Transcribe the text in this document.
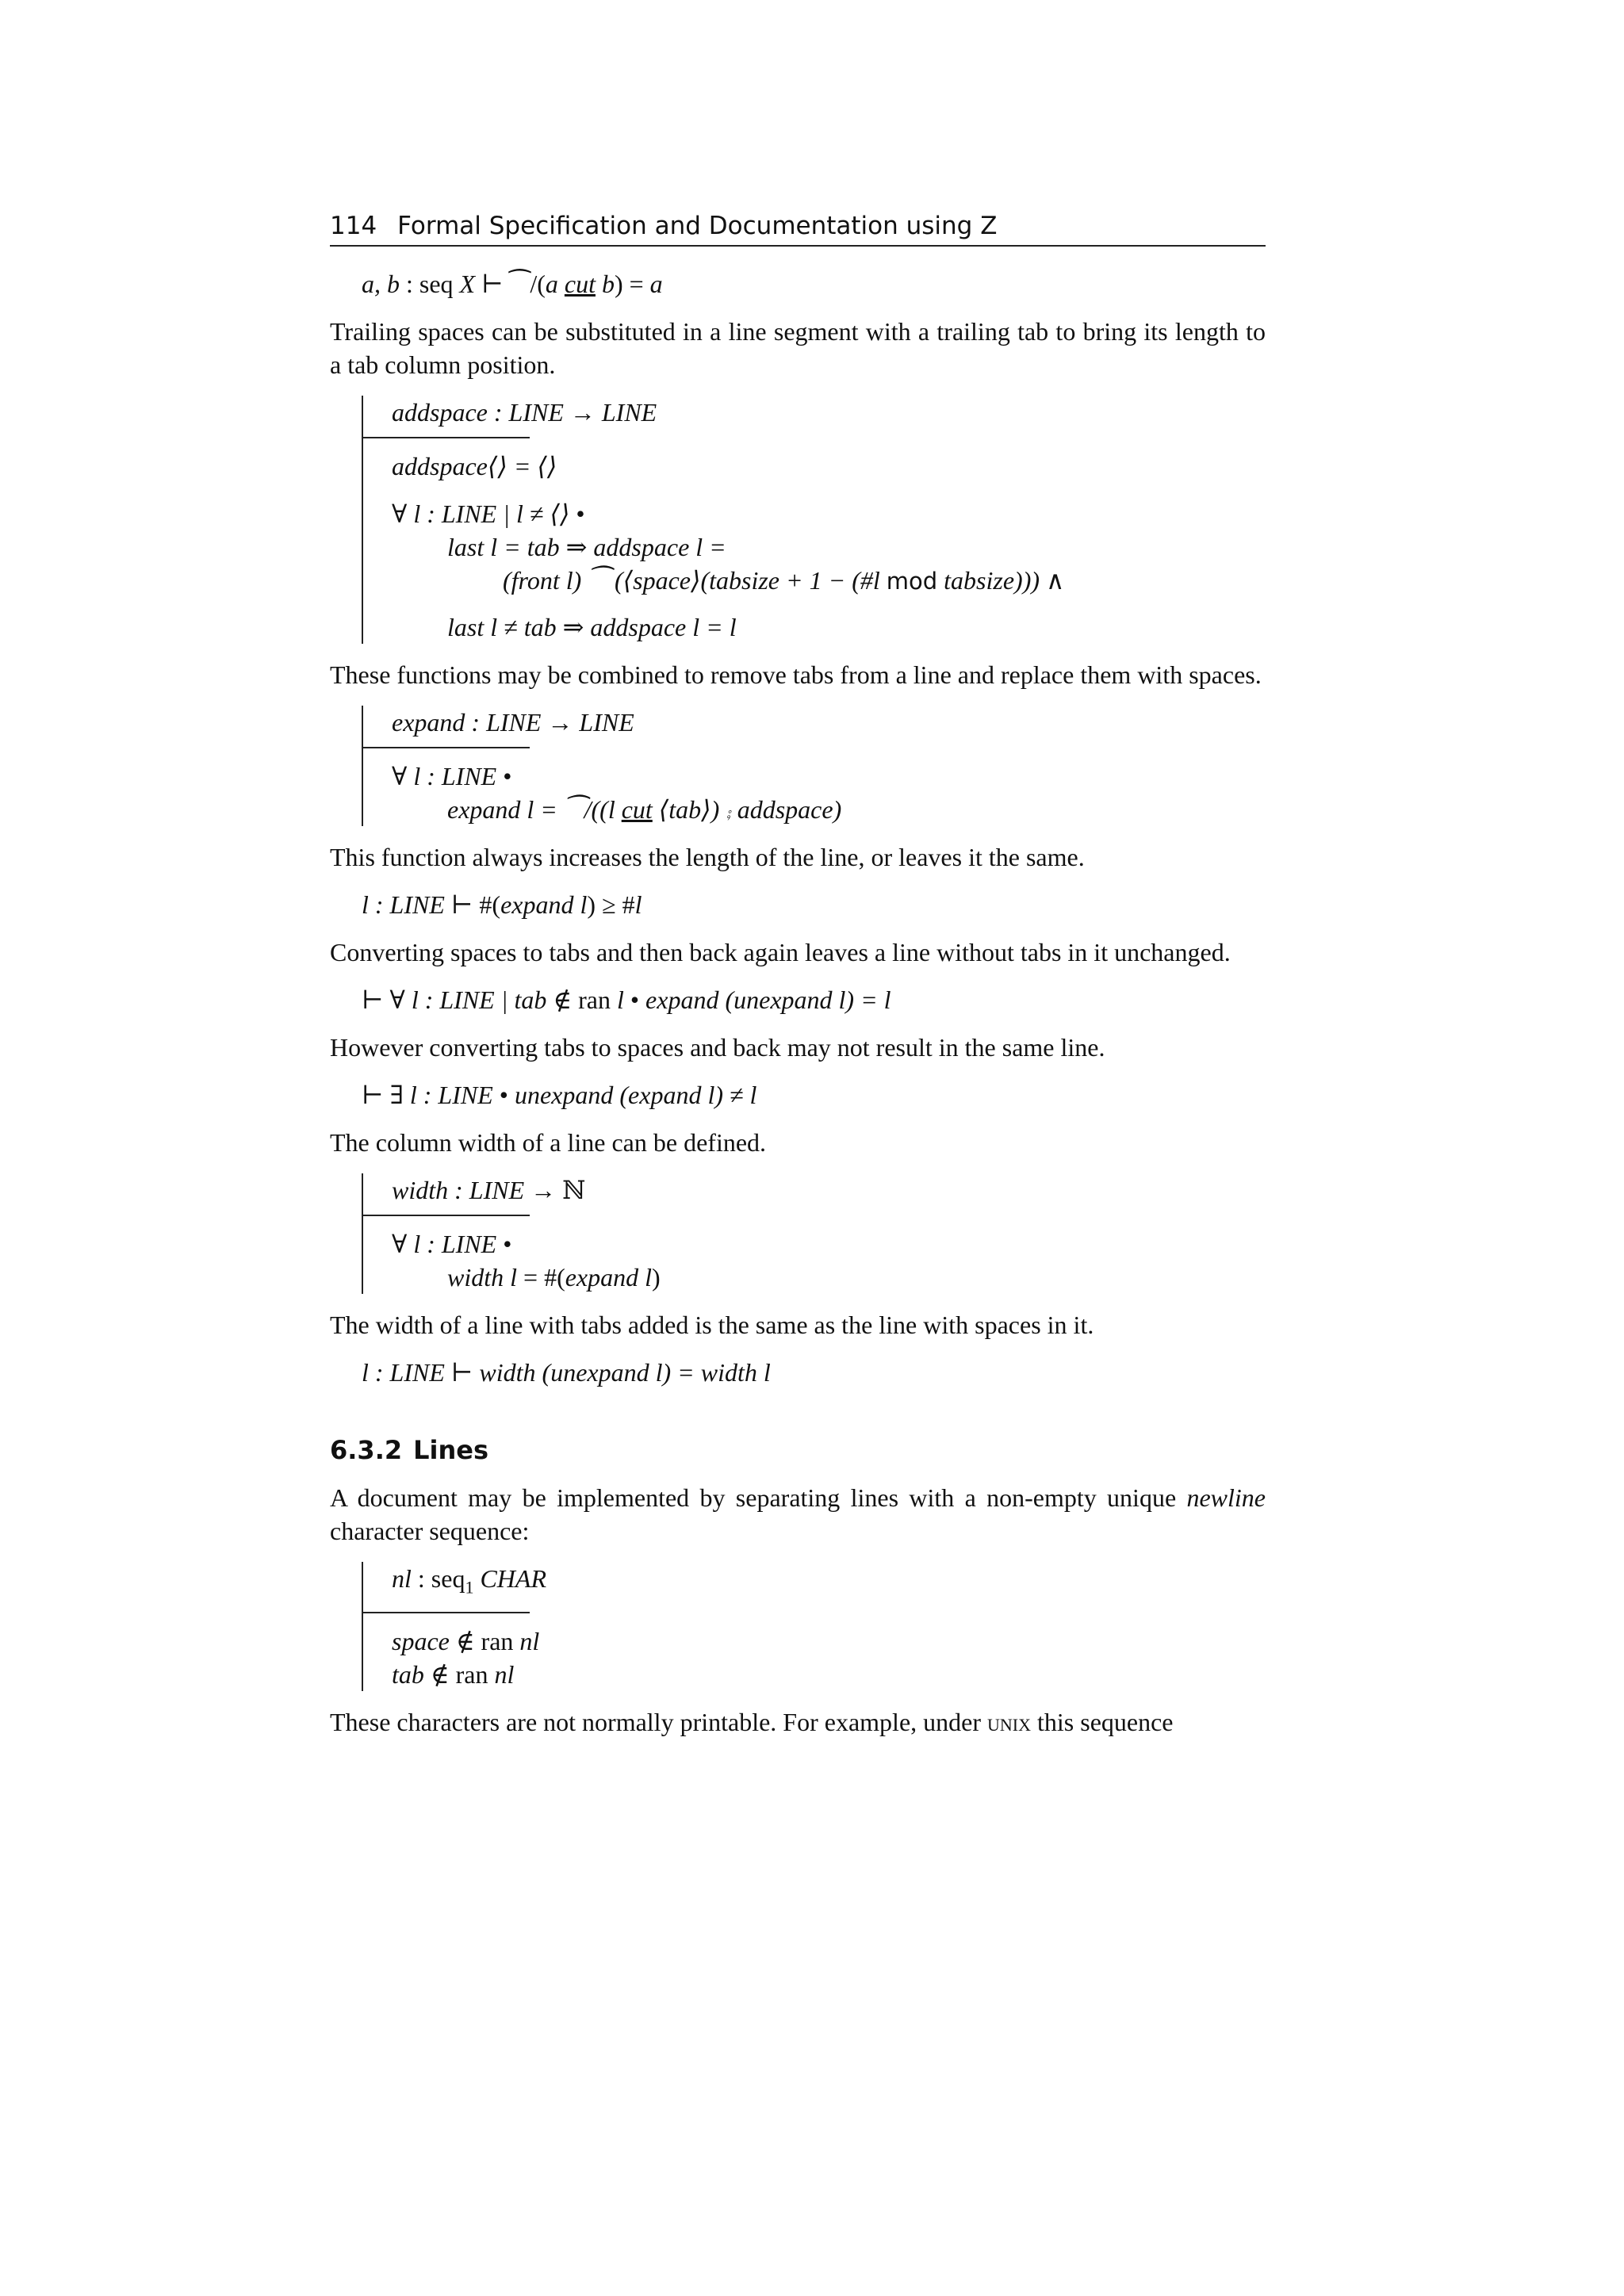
114 Formal Specification and Documentation using Z
a, b : seq X ⊢ ⁀/(a cut b) = a

Trailing spaces can be substituted in a line segment with a trailing tab to bring its length to a tab column position.

addspace : LINE → LINE
addspace⟨⟩ = ⟨⟩
∀ l : LINE | l ≠ ⟨⟩ •
last l = tab ⇒ addspace l =
(front l) ⁀ (⟨space⟩(tabsize + 1 − (#l mod tabsize))) ∧
last l ≠ tab ⇒ addspace l = l

These functions may be combined to remove tabs from a line and replace them with spaces.

expand : LINE → LINE
∀ l : LINE •
expand l = ⁀/((l cut ⟨tab⟩) ⨾ addspace)

This function always increases the length of the line, or leaves it the same.

l : LINE ⊢ #(expand l) ≥ #l

Converting spaces to tabs and then back again leaves a line without tabs in it unchanged.

⊢ ∀ l : LINE | tab ∉ ran l • expand (unexpand l) = l

However converting tabs to spaces and back may not result in the same line.

⊢ ∃ l : LINE • unexpand (expand l) ≠ l

The column width of a line can be defined.

width : LINE → ℕ
∀ l : LINE •
width l = #(expand l)

The width of a line with tabs added is the same as the line with spaces in it.

l : LINE ⊢ width (unexpand l) = width l
6.3.2 Lines

A document may be implemented by separating lines with a non-empty unique newline character sequence:

nl : seq$_1$ CHAR
space ∉ ran nl
tab ∉ ran nl

These characters are not normally printable. For example, under unix this sequence
